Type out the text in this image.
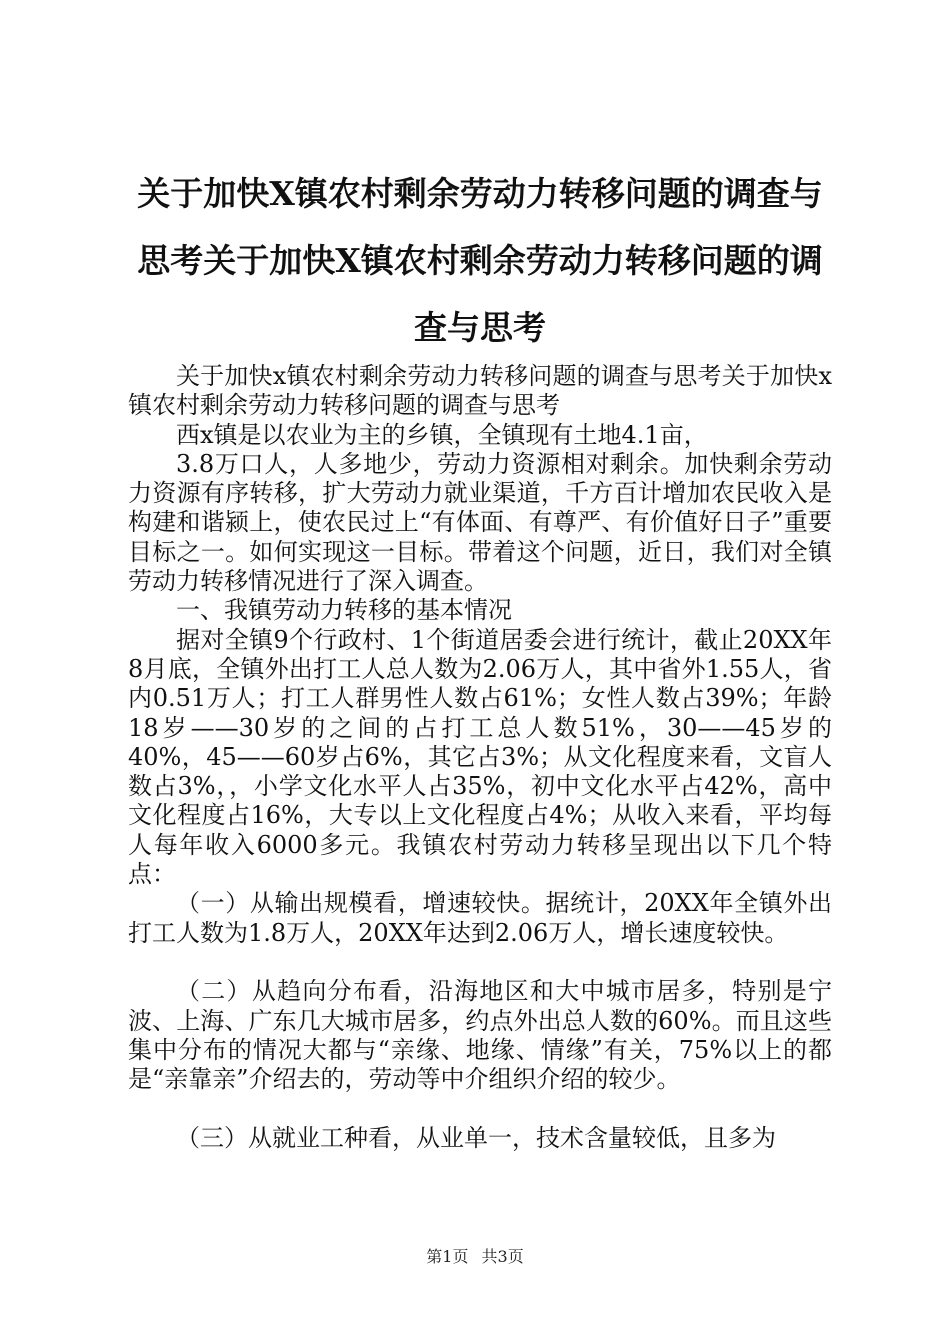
关于加快X镇农村剩余劳动力转移问题的调查与思考关于加快X镇农村剩余劳动力转移问题的调查与思考

关于加快x镇农村剩余劳动力转移问题的调查与思考关于加快x镇农村剩余劳动力转移问题的调查与思考

西x镇是以农业为主的乡镇，全镇现有土地4.1亩，

3.8万口人，人多地少，劳动力资源相对剩余。加快剩余劳动力资源有序转移，扩大劳动力就业渠道，千方百计增加农民收入是构建和谐颍上，使农民过上“有体面、有尊严、有价值好日子”重要目标之一。如何实现这一目标。带着这个问题，近日，我们对全镇劳动力转移情况进行了深入调查。

一、我镇劳动力转移的基本情况

据对全镇9个行政村、1个街道居委会进行统计，截止20XX年8月底，全镇外出打工人总人数为2.06万人，其中省外1.55人，省内0.51万人；打工人群男性人数占61%；女性人数占39%；年龄18岁——30岁的之间的占打工总人数51%，30——45岁的40%，45——60岁占6%，其它占3%；从文化程度来看，文盲人数占3%，，小学文化水平人占35%，初中文化水平占42%，高中文化程度占16%，大专以上文化程度占4%；从收入来看，平均每人每年收入6000多元。我镇农村劳动力转移呈现出以下几个特点：

（一）从输出规模看，增速较快。据统计，20XX年全镇外出打工人数为1.8万人，20XX年达到2.06万人，增长速度较快。

（二）从趋向分布看，沿海地区和大中城市居多，特别是宁波、上海、广东几大城市居多，约点外出总人数的60%。而且这些集中分布的情况大都与“亲缘、地缘、情缘”有关，75%以上的都是“亲靠亲”介绍去的，劳动等中介组织介绍的较少。

（三）从就业工种看，从业单一，技术含量较低，且多为

第1页 共3页
